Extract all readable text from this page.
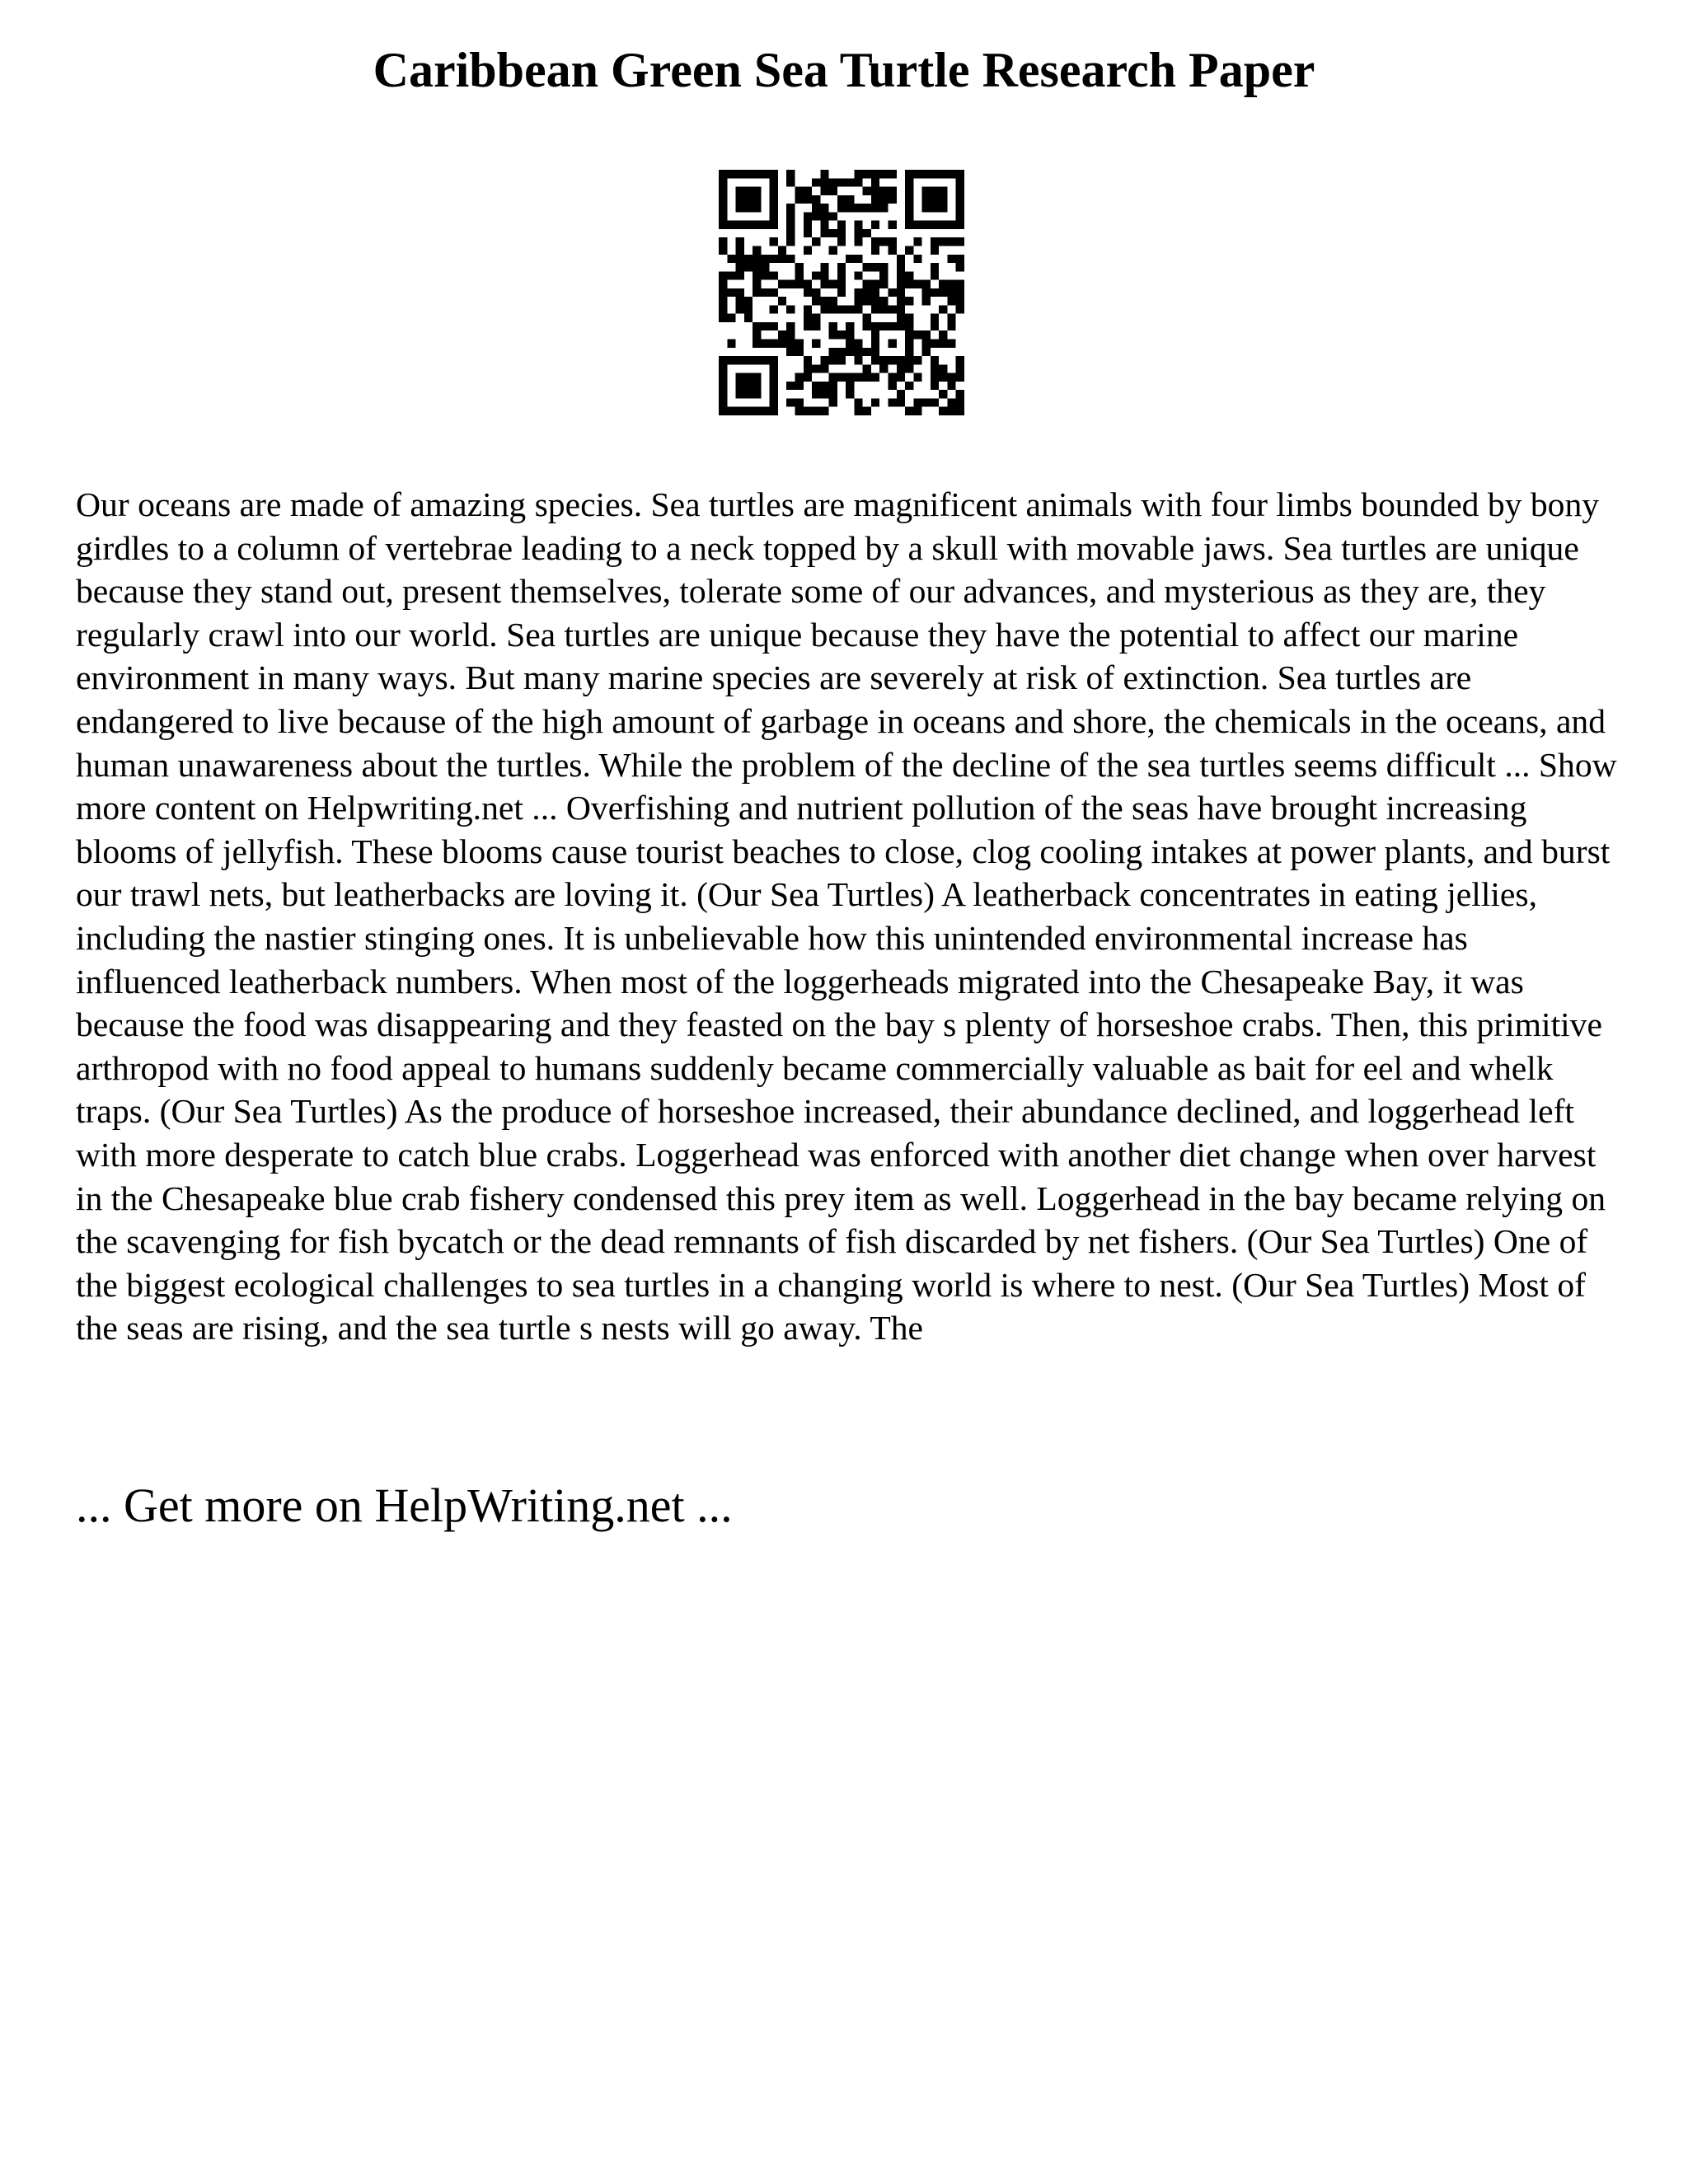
Caribbean Green Sea Turtle Research Paper

Our oceans are made of amazing species. Sea turtles are magnificent animals with four limbs bounded by bony girdles to a column of vertebrae leading to a neck topped by a skull with movable jaws. Sea turtles are unique because they stand out, present themselves, tolerate some of our advances, and mysterious as they are, they regularly crawl into our world. Sea turtles are unique because they have the potential to affect our marine environment in many ways. But many marine species are severely at risk of extinction. Sea turtles are endangered to live because of the high amount of garbage in oceans and shore, the chemicals in the oceans, and human unawareness about the turtles. While the problem of the decline of the sea turtles seems difficult ... Show more content on Helpwriting.net ... Overfishing and nutrient pollution of the seas have brought increasing blooms of jellyfish. These blooms cause tourist beaches to close, clog cooling intakes at power plants, and burst our trawl nets, but leatherbacks are loving it. (Our Sea Turtles) A leatherback concentrates in eating jellies, including the nastier stinging ones. It is unbelievable how this unintended environmental increase has influenced leatherback numbers. When most of the loggerheads migrated into the Chesapeake Bay, it was because the food was disappearing and they feasted on the bay s plenty of horseshoe crabs. Then, this primitive arthropod with no food appeal to humans suddenly became commercially valuable as bait for eel and whelk traps. (Our Sea Turtles) As the produce of horseshoe increased, their abundance declined, and loggerhead left with more desperate to catch blue crabs. Loggerhead was enforced with another diet change when over harvest in the Chesapeake blue crab fishery condensed this prey item as well. Loggerhead in the bay became relying on the scavenging for fish bycatch or the dead remnants of fish discarded by net fishers. (Our Sea Turtles) One of the biggest ecological challenges to sea turtles in a changing world is where to nest. (Our Sea Turtles) Most of the seas are rising, and the sea turtle s nests will go away. The

... Get more on HelpWriting.net ...
